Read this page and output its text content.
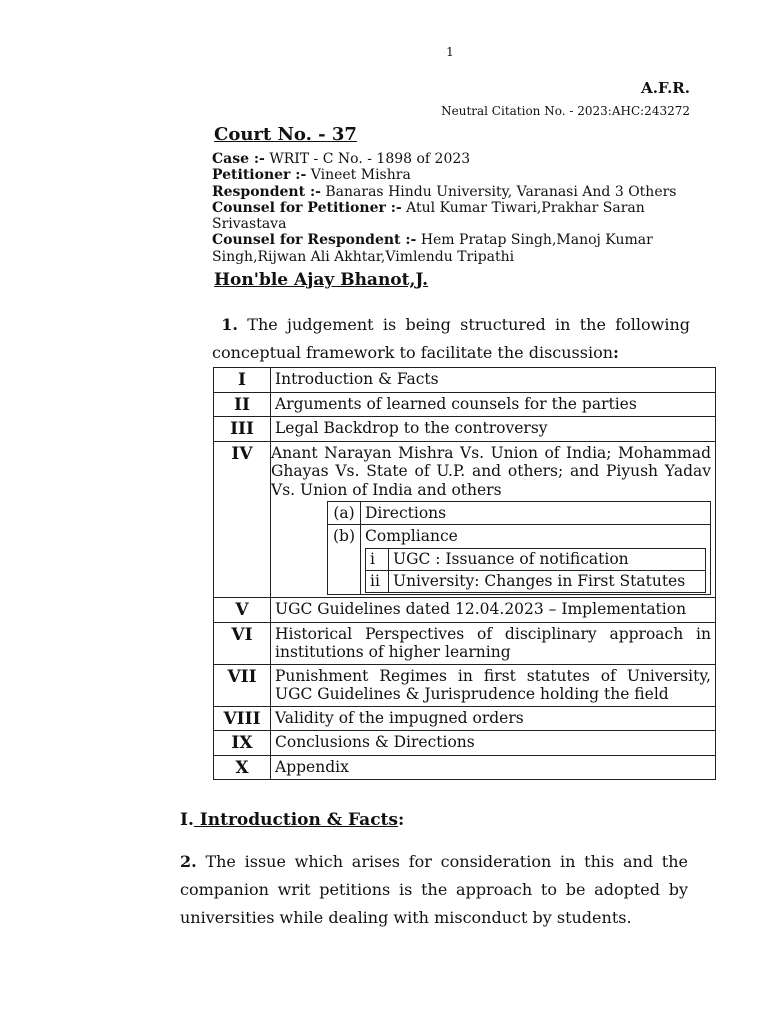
1
A.F.R.
Neutral Citation No. - 2023:AHC:243272
Court No. - 37
Case :- WRIT - C No. - 1898 of 2023
Petitioner :- Vineet Mishra
Respondent :- Banaras Hindu University, Varanasi And 3 Others
Counsel for Petitioner :- Atul Kumar Tiwari,Prakhar Saran Srivastava
Counsel for Respondent :- Hem Pratap Singh,Manoj Kumar Singh,Rijwan Ali Akhtar,Vimlendu Tripathi
Hon'ble Ajay Bhanot,J.
1. The judgement is being structured in the following
conceptual framework to facilitate the discussion:
I	Introduction & Facts
II	Arguments of learned counsels for the parties
III	Legal Backdrop to the controversy
IV	Anant Narayan Mishra Vs. Union of India; Mohammad Ghayas Vs. State of U.P. and others; and Piyush Yadav Vs. Union of India and others
(a)	Directions
(b)	Compliance
i	UGC : Issuance of notification
ii	University: Changes in First Statutes

V	UGC Guidelines dated 12.04.2023 – Implementation
VI	Historical Perspectives of disciplinary approach in institutions of higher learning
VII	Punishment Regimes in first statutes of University, UGC Guidelines & Jurisprudence holding the field
VIII	Validity of the impugned orders
IX	Conclusions & Directions
X	Appendix
I. Introduction & Facts:
2. The issue which arises for consideration in this and the companion writ petitions is the approach to be adopted by universities while dealing with misconduct by students.
